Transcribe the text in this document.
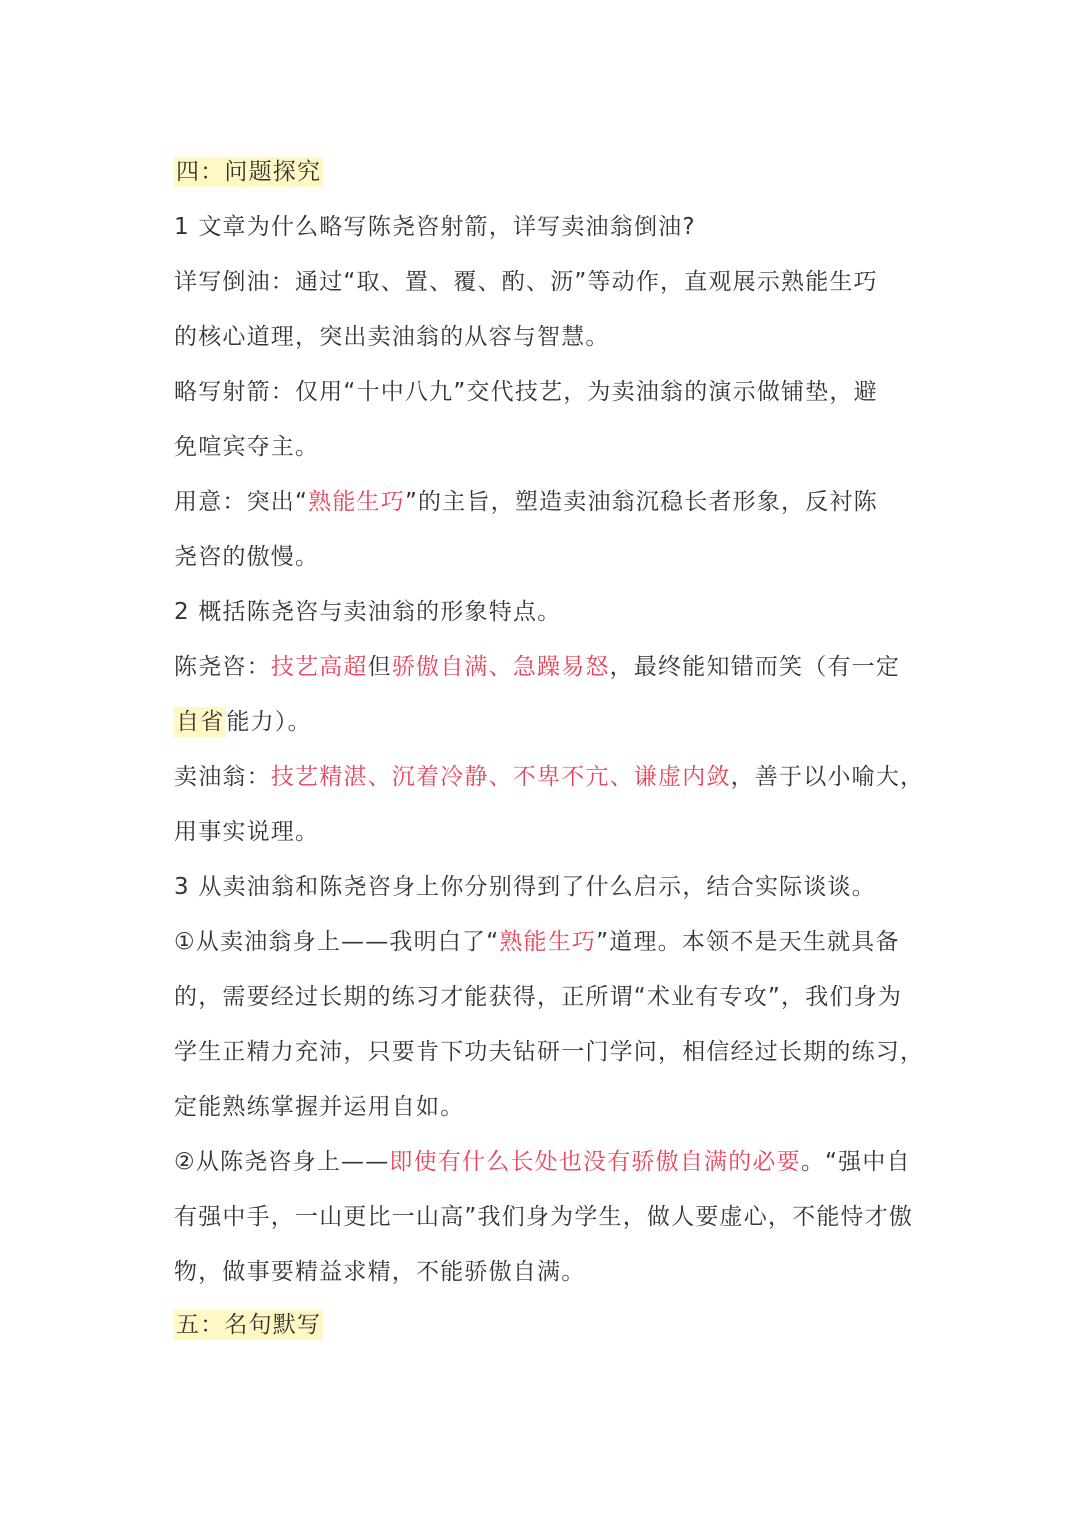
四：问题探究
1 文章为什么略写陈尧咨射箭，详写卖油翁倒油?
详写倒油：通过“取、置、覆、酌、沥”等动作，直观展示熟能生巧
的核心道理，突出卖油翁的从容与智慧。
略写射箭：仅用“十中八九”交代技艺，为卖油翁的演示做铺垫，避
免喧宾夺主。
用意：突出“熟能生巧”的主旨，塑造卖油翁沉稳长者形象，反衬陈
尧咨的傲慢。
2 概括陈尧咨与卖油翁的形象特点。
陈尧咨：技艺高超但骄傲自满、急躁易怒，最终能知错而笑（有一定
自省能力）。
卖油翁：技艺精湛、沉着冷静、不卑不亢、谦虚内敛，善于以小喻大，
用事实说理。
3 从卖油翁和陈尧咨身上你分别得到了什么启示，结合实际谈谈。
①从卖油翁身上——我明白了“熟能生巧”道理。本领不是天生就具备
的，需要经过长期的练习才能获得，正所谓“术业有专攻”，我们身为
学生正精力充沛，只要肯下功夫钻研一门学问，相信经过长期的练习，
定能熟练掌握并运用自如。
②从陈尧咨身上——即使有什么长处也没有骄傲自满的必要。“强中自
有强中手，一山更比一山高”我们身为学生，做人要虚心，不能恃才傲
物，做事要精益求精，不能骄傲自满。
五：名句默写
